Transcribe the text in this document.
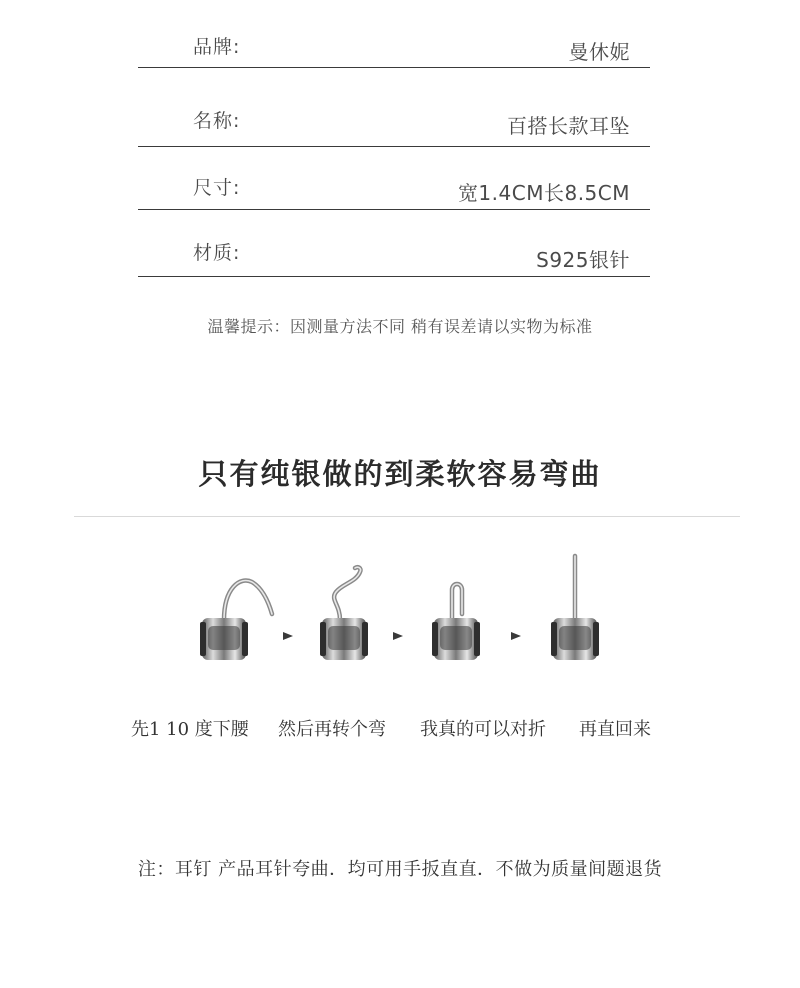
品牌:	曼休妮
名称:	百搭长款耳坠
尺寸:	宽1.4CM长8.5CM
材质:	S925银针
温馨提示：因测量方法不同 稍有误差请以实物为标准
只有纯银做的到柔软容易弯曲
先1 10 度下腰 然后再转个弯 我真的可以对折 再直回来
注：耳钉 产品耳针夸曲．均可用手扳直直．不做为质量间题退货
